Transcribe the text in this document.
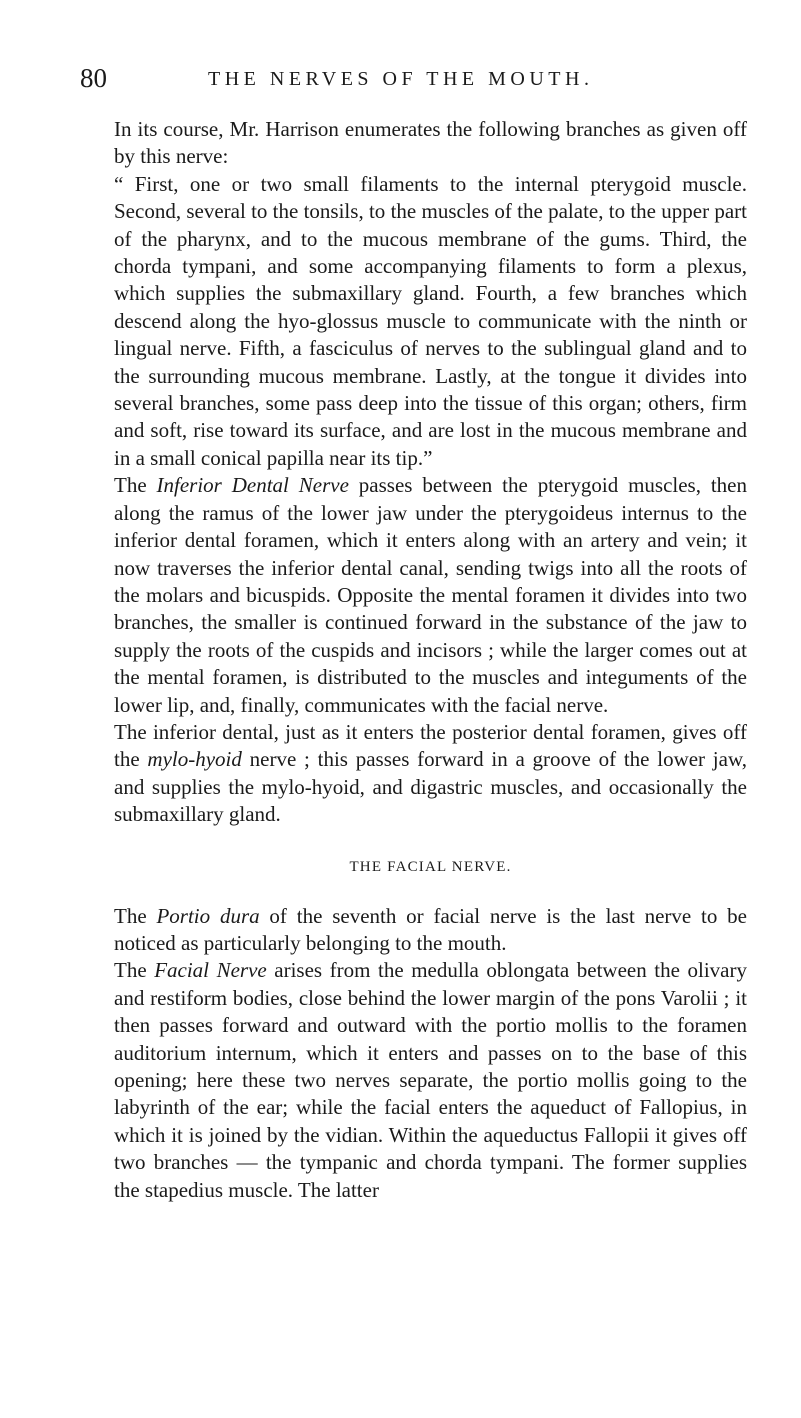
80	THE NERVES OF THE MOUTH.

In its course, Mr. Harrison enumerates the following branches as given off by this nerve:

“ First, one or two small filaments to the internal pterygoid muscle. Second, several to the tonsils, to the muscles of the palate, to the upper part of the pharynx, and to the mucous membrane of the gums. Third, the chorda tympani, and some accompanying filaments to form a plexus, which supplies the submaxillary gland. Fourth, a few branches which descend along the hyo-glossus muscle to communicate with the ninth or lingual nerve. Fifth, a fasciculus of nerves to the sublingual gland and to the surrounding mucous membrane. Lastly, at the tongue it divides into several branches, some pass deep into the tissue of this organ; others, firm and soft, rise toward its surface, and are lost in the mucous membrane and in a small conical papilla near its tip.”

The Inferior Dental Nerve passes between the pterygoid muscles, then along the ramus of the lower jaw under the pterygoideus internus to the inferior dental foramen, which it enters along with an artery and vein; it now traverses the inferior dental canal, sending twigs into all the roots of the molars and bicuspids. Opposite the mental foramen it divides into two branches, the smaller is continued forward in the substance of the jaw to supply the roots of the cuspids and incisors ; while the larger comes out at the mental foramen, is distributed to the muscles and integuments of the lower lip, and, finally, communicates with the facial nerve.

The inferior dental, just as it enters the posterior dental foramen, gives off the mylo-hyoid nerve ; this passes forward in a groove of the lower jaw, and supplies the mylo-hyoid, and digastric muscles, and occasionally the submaxillary gland.

THE FACIAL NERVE.

The Portio dura of the seventh or facial nerve is the last nerve to be noticed as particularly belonging to the mouth.

The Facial Nerve arises from the medulla oblongata between the olivary and restiform bodies, close behind the lower margin of the pons Varolii ; it then passes forward and outward with the portio mollis to the foramen auditorium internum, which it enters and passes on to the base of this opening; here these two nerves separate, the portio mollis going to the labyrinth of the ear; while the facial enters the aqueduct of Fallopius, in which it is joined by the vidian. Within the aqueductus Fallopii it gives off two branches — the tympanic and chorda tympani. The former supplies the stapedius muscle. The latter
